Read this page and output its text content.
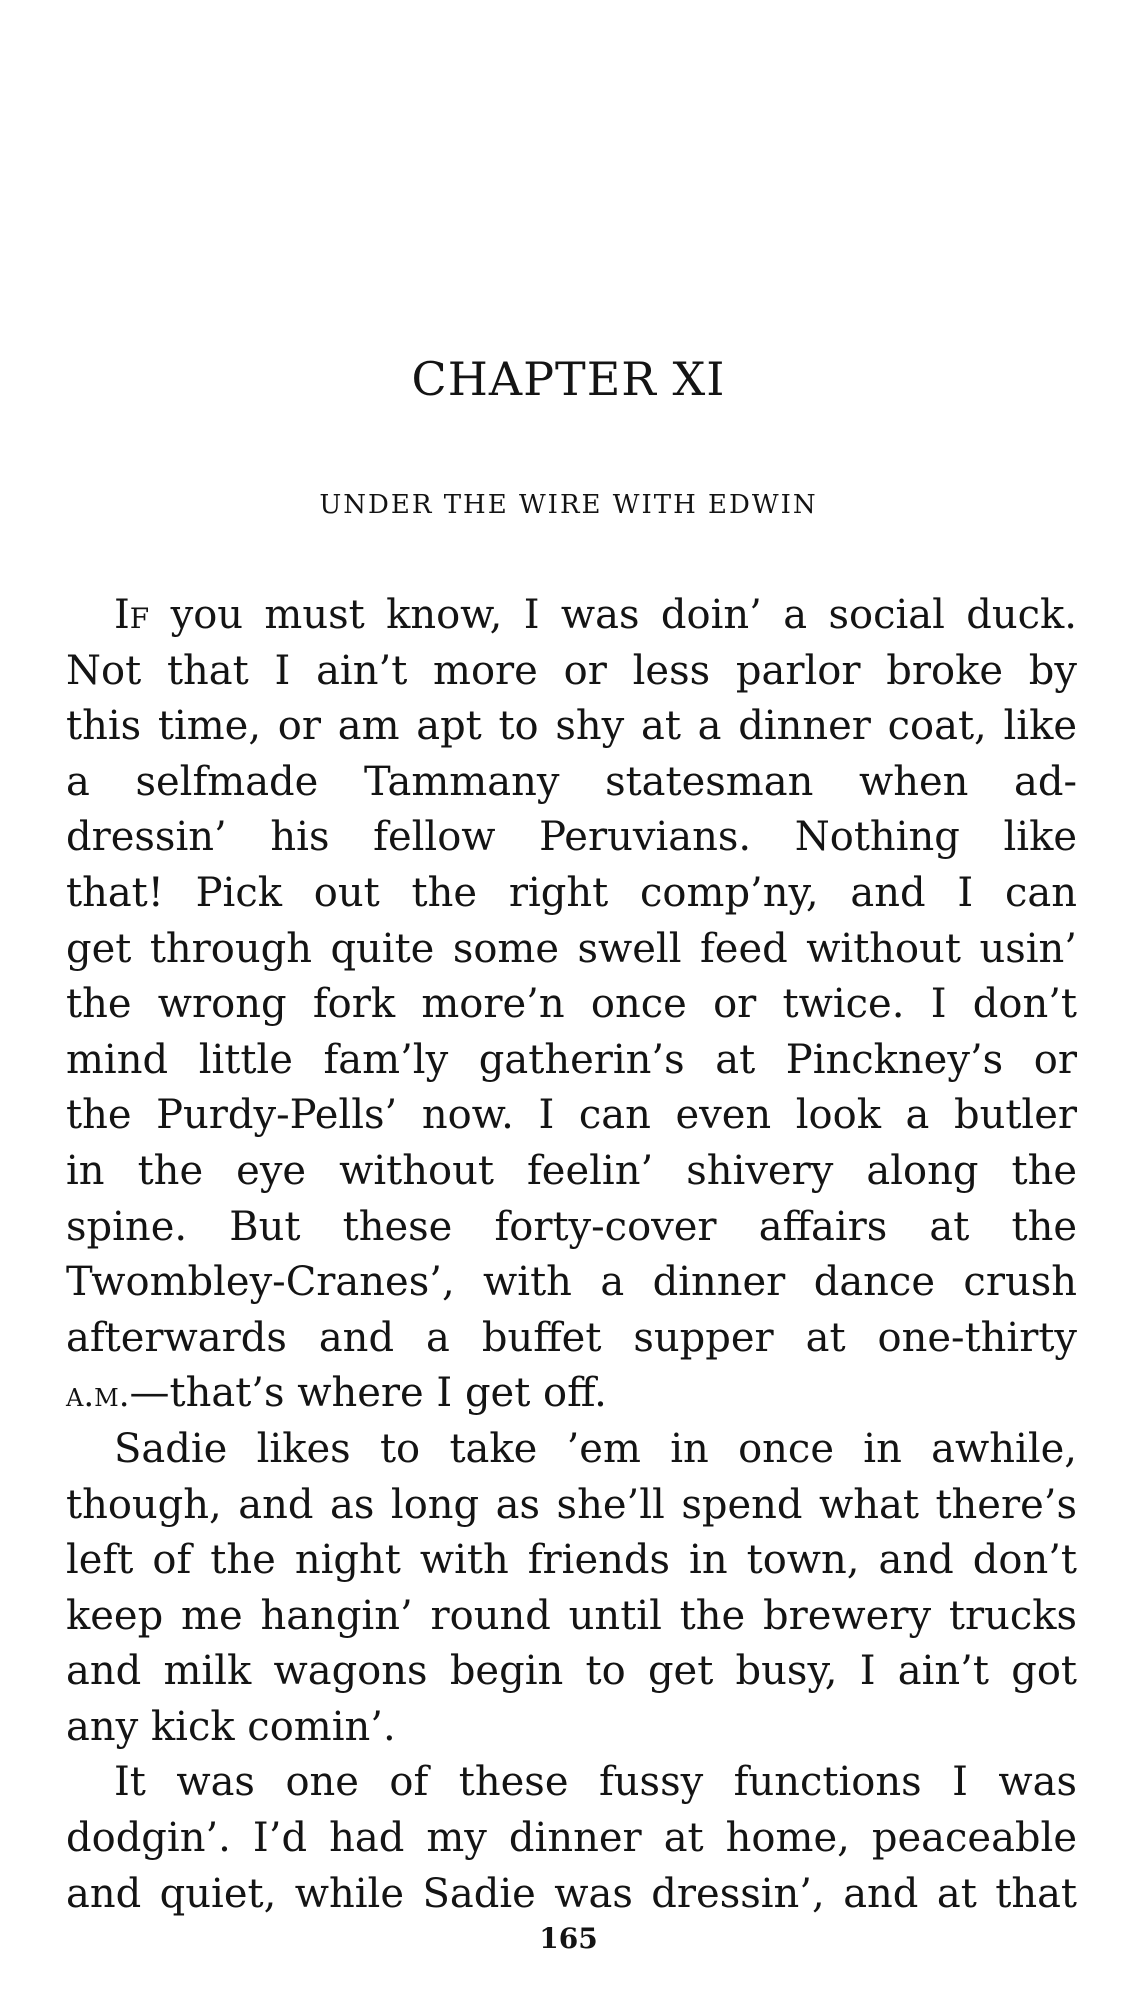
CHAPTER XI
UNDER THE WIRE WITH EDWIN
If you must know, I was doin’ a social duck.
Not that I ain’t more or less parlor broke by
this time, or am apt to shy at a dinner coat, like
a selfmade Tammany statesman when ad-
dressin’ his fellow Peruvians. Nothing like
that! Pick out the right comp’ny, and I can
get through quite some swell feed without usin’
the wrong fork more’n once or twice. I don’t
mind little fam’ly gatherin’s at Pinckney’s or
the Purdy-Pells’ now. I can even look a butler
in the eye without feelin’ shivery along the
spine. But these forty-cover affairs at the
Twombley-Cranes’, with a dinner dance crush
afterwards and a buffet supper at one-thirty
a.m.—that’s where I get off.
Sadie likes to take ’em in once in awhile,
though, and as long as she’ll spend what there’s
left of the night with friends in town, and don’t
keep me hangin’ round until the brewery trucks
and milk wagons begin to get busy, I ain’t got
any kick comin’.
It was one of these fussy functions I was
dodgin’. I’d had my dinner at home, peaceable
and quiet, while Sadie was dressin’, and at that
165
